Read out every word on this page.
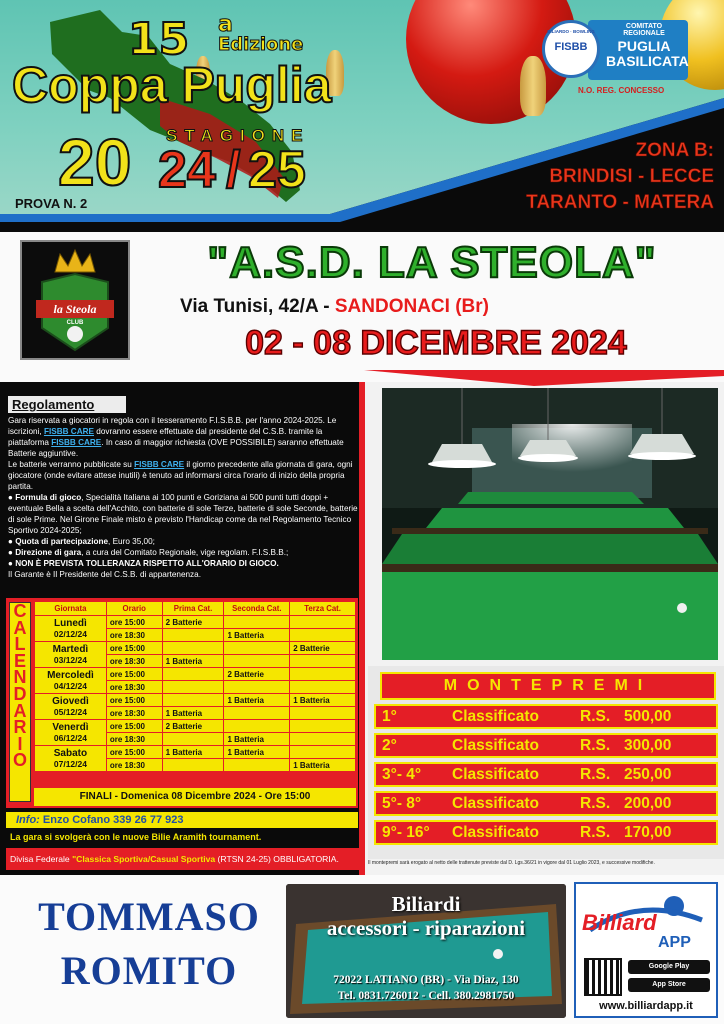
15 a
Edizione
Coppa Puglia
20 STAGIONE
24 / 25
PROVA N. 2
COMITATO REGIONALE
PUGLIA BASILICATA
BILIARDO · BOWLING
FISBB
N.O. REG. CONCESSO
ZONA B:
BRINDISI - LECCE
TARANTO - MATERA
la Steola
CLUB
"A.S.D. LA STEOLA"
Via Tunisi, 42/A - SANDONACI (Br)
02 - 08 DICEMBRE 2024
Regolamento
Gara riservata a giocatori in regola con il tesseramento F.I.S.B.B. per l'anno 2024-2025. Le iscrizioni, FISBB CARE dovranno essere effettuate dal presidente del C.S.B. tramite la piattaforma FISBB CARE. In caso di maggior richiesta (OVE POSSIBILE) saranno effettuate Batterie aggiuntive.
Le batterie verranno pubblicate su FISBB CARE il giorno precedente alla giornata di gara, ogni giocatore (onde evitare attese inutili) è tenuto ad informarsi circa l'orario di inizio della propria partita.
● Formula di gioco, Specialità Italiana ai 100 punti e Goriziana ai 500 punti tutti doppi + eventuale Bella a scelta dell'Acchito, con batterie di sole Terze, batterie di sole Seconde, batterie di sole Prime. Nel Girone Finale misto è previsto l'Handicap come da nel Regolamento Tecnico Sportivo 2024-2025;
● Quota di partecipazione, Euro 35,00;
● Direzione di gara, a cura del Comitato Regionale, vige regolam. F.I.S.B.B.;
● NON È PREVISTA TOLLERANZA RISPETTO ALL'ORARIO DI GIOCO.
Il Garante è Il Presidente del C.S.B. di appartenenza.
C
A
L
E
N
D
A
R
I
O
Giornata	Orario	Prima Cat.	Seconda Cat.	Terza Cat.

Lunedì
02/12/24	ore 15:00	2 Batterie		
	ore 18:30		1 Batteria	

Martedì
03/12/24	ore 15:00			2 Batterie
	ore 18:30	1 Batteria		

Mercoledì
04/12/24	ore 15:00		2 Batterie	
	ore 18:30			

Giovedì
05/12/24	ore 15:00		1 Batteria	1 Batteria
	ore 18:30	1 Batteria		

Venerdì
06/12/24	ore 15:00	2 Batterie		
	ore 18:30		1 Batteria	

Sabato
07/12/24	ore 15:00	1 Batteria	1 Batteria	
	ore 18:30			1 Batteria
FINALI - Domenica 08 Dicembre 2024 - Ore 15:00
Info: Enzo Cofano 339 26 77 923
La gara si svolgerà con le nuove Bilie Aramith tournament.
Divisa Federale "Classica Sportiva/Casual Sportiva (RTSN 24-25) OBBLIGATORIA.
MONTEPREMI
1°	Classificato	R.S. 500,00
2°	Classificato	R.S. 300,00
3°- 4° Classificato	R.S. 250,00
5°- 8° Classificato	R.S. 200,00
9°- 16° Classificato	R.S. 170,00
Il montepremi sarà erogato al netto delle trattenute previste dal D. Lgs.36/21 in vigore dal 01 Luglio 2023, e successive modifiche.
TOMMASO
ROMITO
Biliardi
accessori - riparazioni
72022 LATIANO (BR) - Via Diaz, 130
Tel. 0831.726012 - Cell. 380.2981750
Billiard
APP
Google Play
App Store
www.billiardapp.it
